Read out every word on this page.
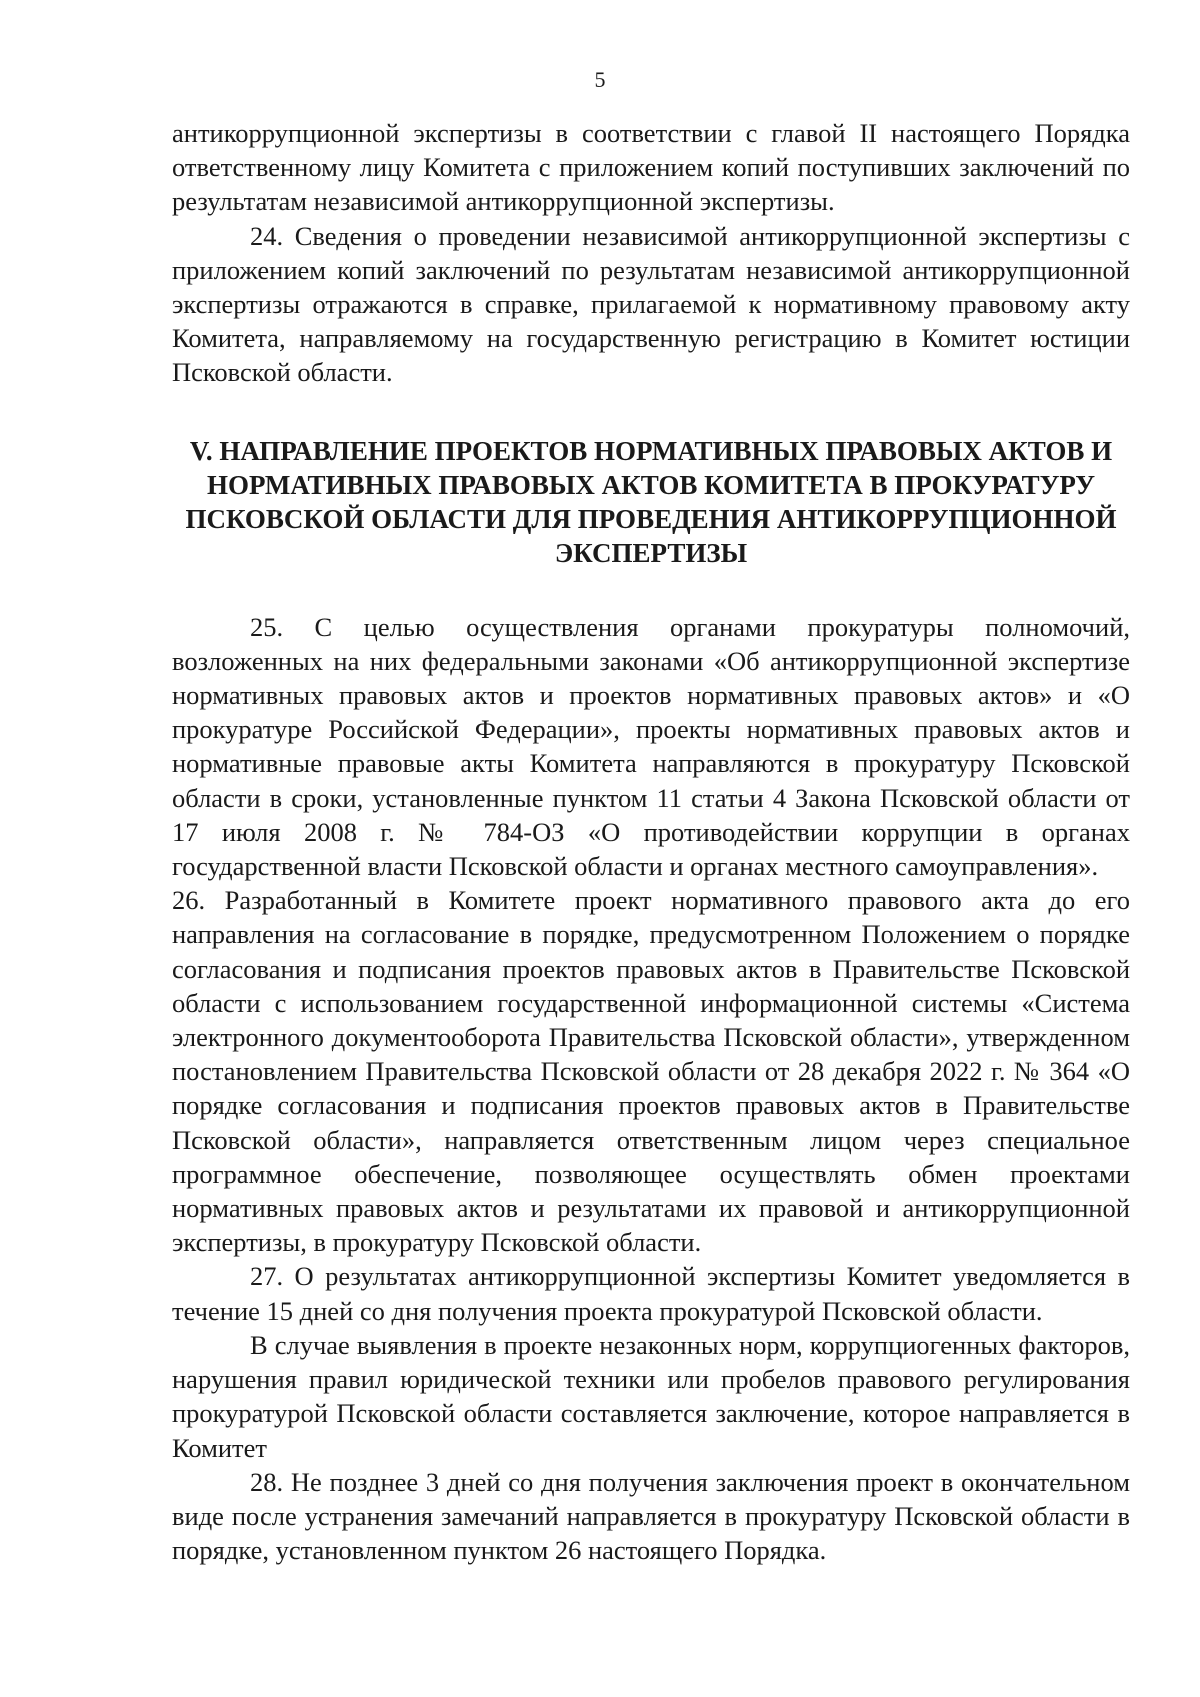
5

антикоррупционной экспертизы в соответствии с главой II настоящего Порядка ответственному лицу Комитета с приложением копий поступивших заключений по результатам независимой антикоррупционной экспертизы.

24. Сведения о проведении независимой антикоррупционной экспертизы с приложением копий заключений по результатам независимой антикоррупционной экспертизы отражаются в справке, прилагаемой к нормативному правовому акту Комитета, направляемому на государственную регистрацию в Комитет юстиции Псковской области.

V. НАПРАВЛЕНИЕ ПРОЕКТОВ НОРМАТИВНЫХ ПРАВОВЫХ АКТОВ И НОРМАТИВНЫХ ПРАВОВЫХ АКТОВ КОМИТЕТА В ПРОКУРАТУРУ ПСКОВСКОЙ ОБЛАСТИ ДЛЯ ПРОВЕДЕНИЯ АНТИКОРРУПЦИОННОЙ ЭКСПЕРТИЗЫ

25. С целью осуществления органами прокуратуры полномочий, возложенных на них федеральными законами «Об антикоррупционной экспертизе нормативных правовых актов и проектов нормативных правовых актов» и «О прокуратуре Российской Федерации», проекты нормативных правовых актов и нормативные правовые акты Комитета направляются в прокуратуру Псковской области в сроки, установленные пунктом 11 статьи 4 Закона Псковской области от 17 июля 2008 г. № 784-ОЗ «О противодействии коррупции в органах государственной власти Псковской области и органах местного самоуправления».

26. Разработанный в Комитете проект нормативного правового акта до его направления на согласование в порядке, предусмотренном Положением о порядке согласования и подписания проектов правовых актов в Правительстве Псковской области с использованием государственной информационной системы «Система электронного документооборота Правительства Псковской области», утвержденном постановлением Правительства Псковской области от 28 декабря 2022 г. № 364 «О порядке согласования и подписания проектов правовых актов в Правительстве Псковской области», направляется ответственным лицом через специальное программное обеспечение, позволяющее осуществлять обмен проектами нормативных правовых актов и результатами их правовой и антикоррупционной экспертизы, в прокуратуру Псковской области.

27. О результатах антикоррупционной экспертизы Комитет уведомляется в течение 15 дней со дня получения проекта прокуратурой Псковской области.

В случае выявления в проекте незаконных норм, коррупциогенных факторов, нарушения правил юридической техники или пробелов правового регулирования прокуратурой Псковской области составляется заключение, которое направляется в Комитет

28. Не позднее 3 дней со дня получения заключения проект в окончательном виде после устранения замечаний направляется в прокуратуру Псковской области в порядке, установленном пунктом 26 настоящего Порядка.
